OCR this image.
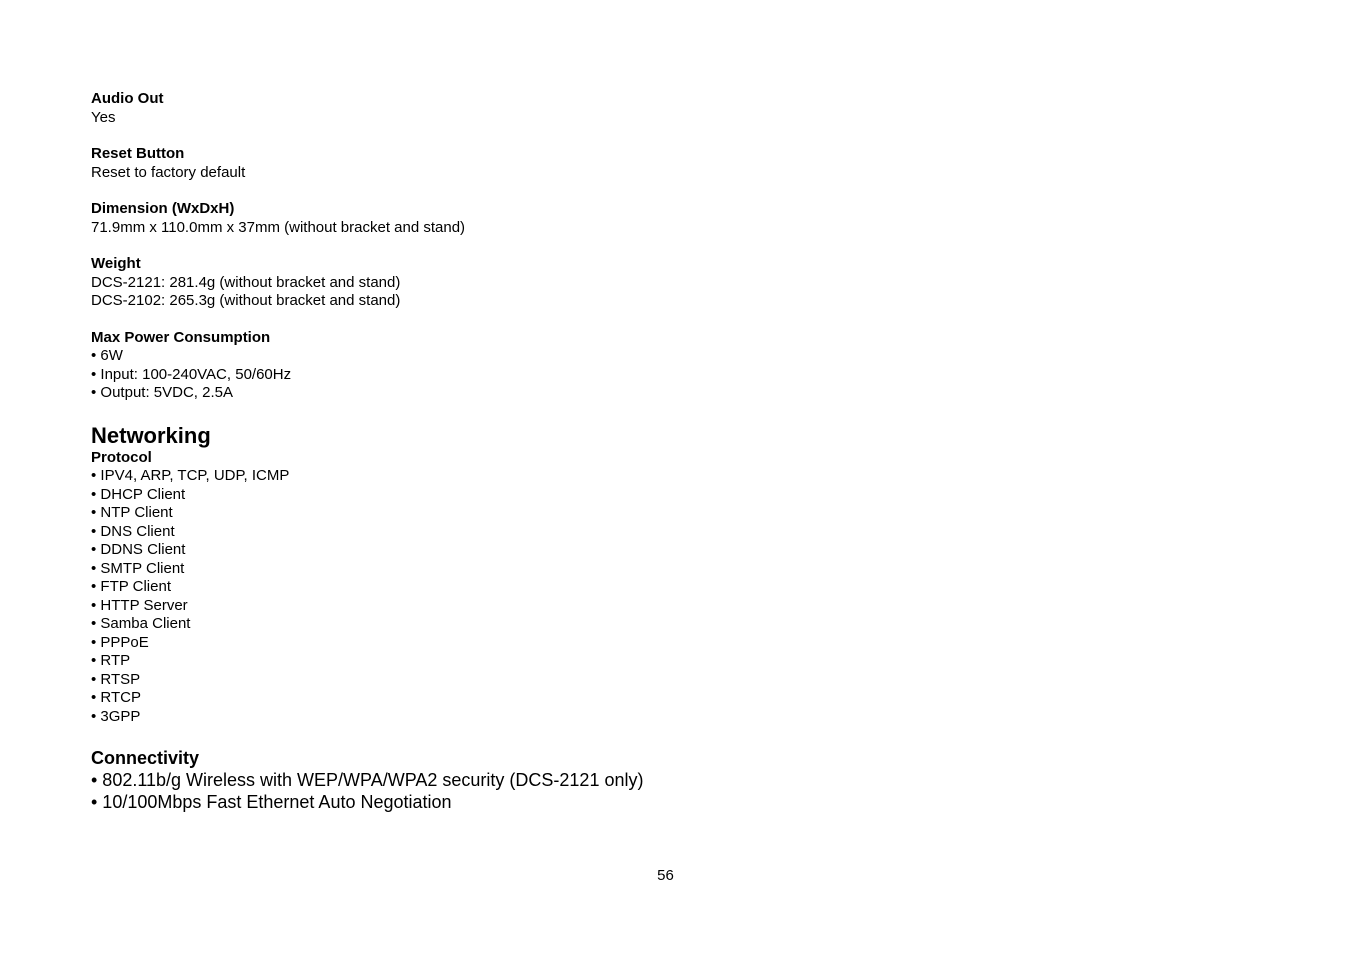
Audio Out
Yes
Reset Button
Reset to factory default
Dimension (WxDxH)
71.9mm x 110.0mm x 37mm (without bracket and stand)
Weight
DCS-2121: 281.4g (without bracket and stand)
DCS-2102: 265.3g (without bracket and stand)
Max Power Consumption
• 6W
• Input: 100-240VAC, 50/60Hz
• Output: 5VDC, 2.5A
Networking
Protocol
• IPV4, ARP, TCP, UDP, ICMP
• DHCP Client
• NTP Client
• DNS Client
• DDNS Client
• SMTP Client
• FTP Client
• HTTP Server
• Samba Client
• PPPoE
• RTP
• RTSP
• RTCP
• 3GPP
Connectivity
• 802.11b/g Wireless with WEP/WPA/WPA2 security (DCS-2121 only)
• 10/100Mbps Fast Ethernet Auto Negotiation
56
